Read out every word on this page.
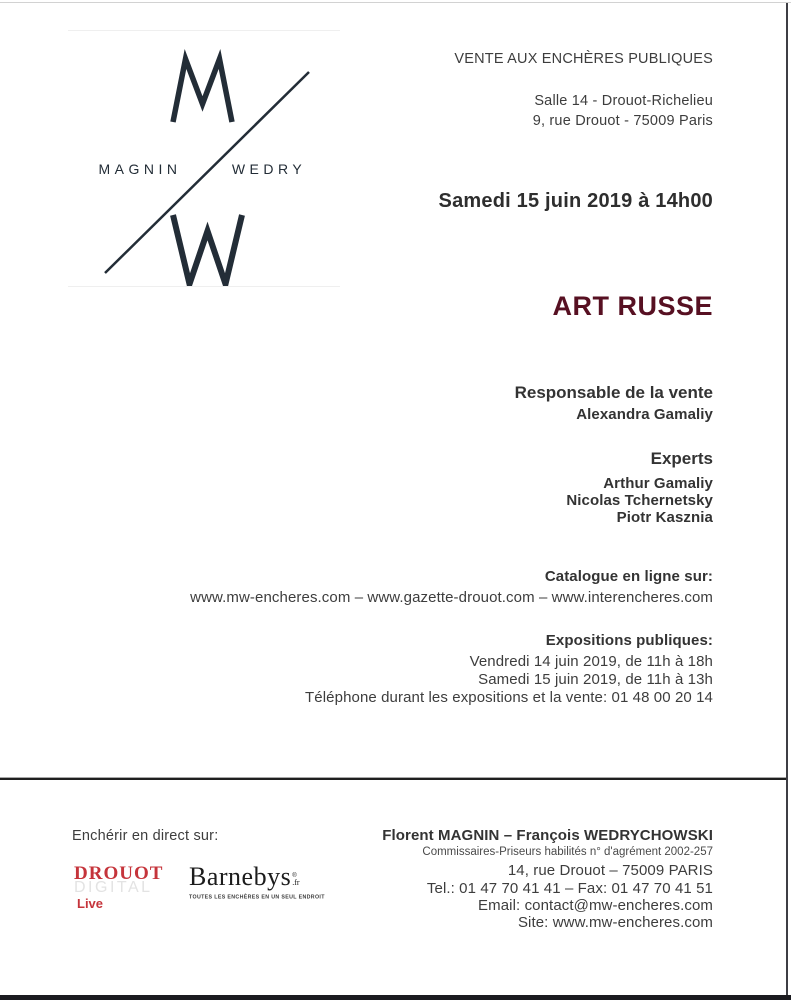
MAGNIN	WEDRY
VENTE AUX ENCHÈRES PUBLIQUES
Salle 14 - Drouot-Richelieu
9, rue Drouot - 75009 Paris
Samedi 15 juin 2019 à 14h00
ART RUSSE
Responsable de la vente
Alexandra Gamaliy
Experts
Arthur Gamaliy
Nicolas Tchernetsky
Piotr Kasznia
Catalogue en ligne sur:
www.mw-encheres.com – www.gazette-drouot.com – www.interencheres.com
Expositions publiques:
Vendredi 14 juin 2019, de 11h à 18h
Samedi 15 juin 2019, de 11h à 13h
Téléphone durant les expositions et la vente: 01 48 00 20 14
Enchérir en direct sur:
DROUOT
DIGITAL
Live
Barnebys ®
.fr
TOUTES LES ENCHÈRES EN UN SEUL ENDROIT
Florent MAGNIN – François WEDRYCHOWSKI
Commissaires-Priseurs habilités n° d'agrément 2002-257
14, rue Drouot – 75009 PARIS
Tel.: 01 47 70 41 41 – Fax: 01 47 70 41 51
Email: contact@mw-encheres.com
Site: www.mw-encheres.com
